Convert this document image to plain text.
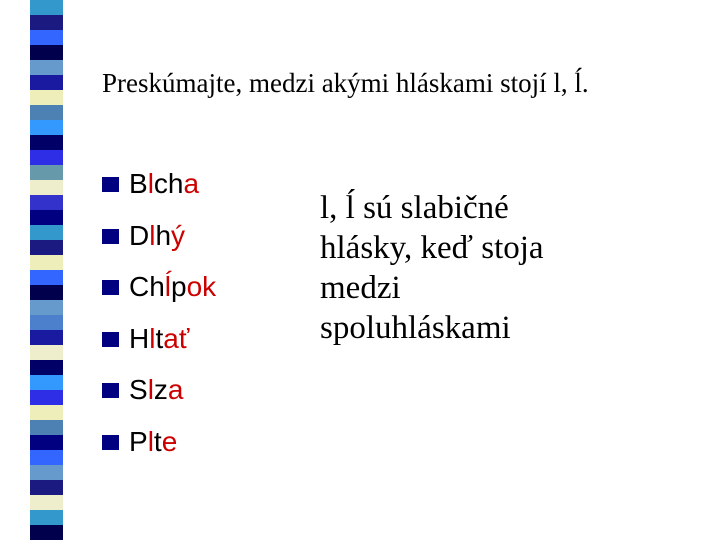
Preskúmajte, medzi akými hláskami stojí l, ĺ.
Blcha
Dlhý
Chĺpok
Hltať
Slza
Plte
l, ĺ sú slabičné
hlásky, keď stoja
medzi
spoluhláskami
